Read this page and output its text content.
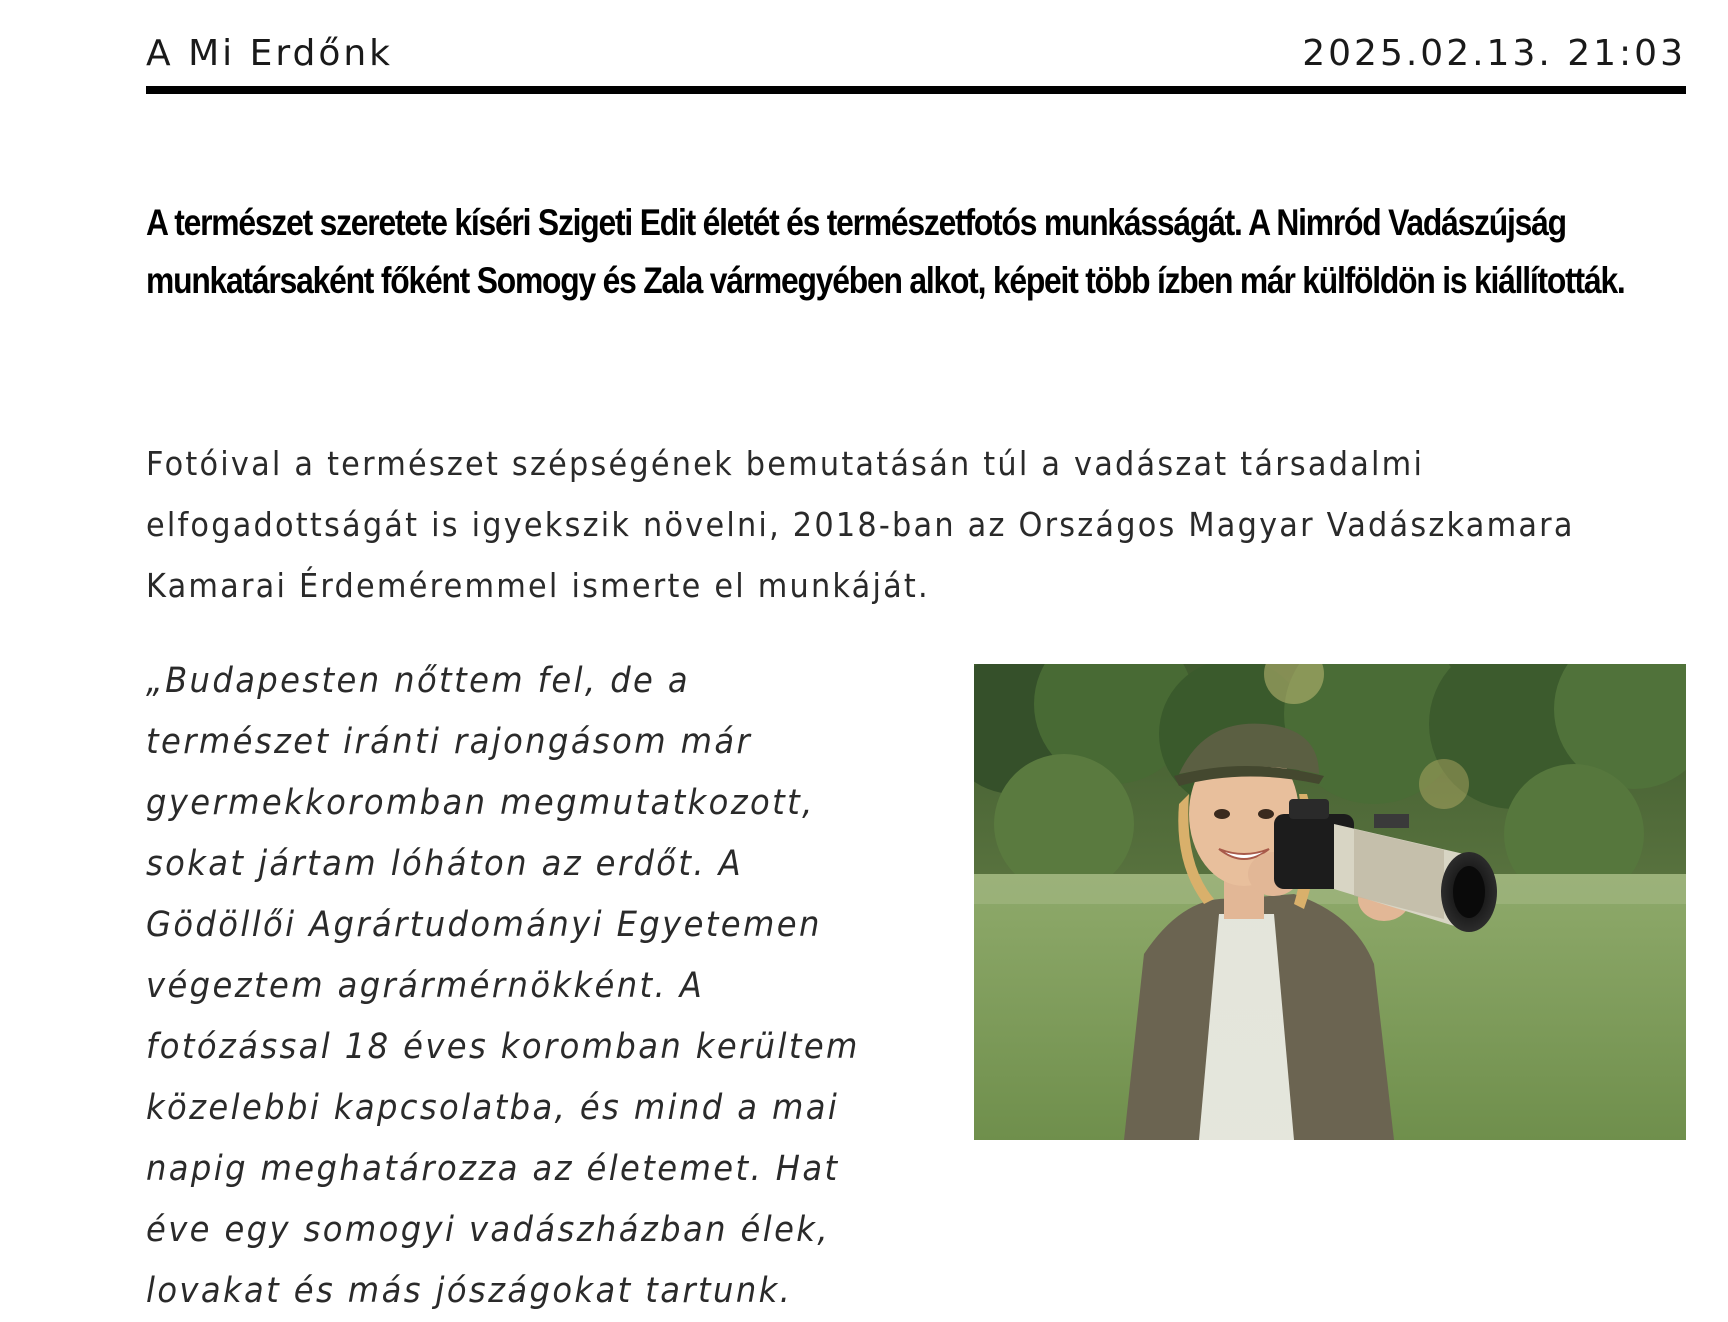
A Mi Erdőnk	2025.02.13. 21:03
A természet szeretete kíséri Szigeti Edit életét és természetfotós munkásságát. A Nimród Vadászújság munkatársaként főként Somogy és Zala vármegyében alkot, képeit több ízben már külföldön is kiállították.
Fotóival a természet szépségének bemutatásán túl a vadászat társadalmi elfogadottságát is igyekszik növelni, 2018-ban az Országos Magyar Vadászkamara Kamarai Érdeméremmel ismerte el munkáját.
„Budapesten nőttem fel, de a természet iránti rajongásom már gyermekkoromban megmutatkozott, sokat jártam lóháton az erdőt. A Gödöllői Agrártudományi Egyetemen végeztem agrármérnökként. A fotózással 18 éves koromban kerültem közelebbi kapcsolatba, és mind a mai napig meghatározza az életemet. Hat éve egy somogyi vadászházban élek, lovakat és más jószágokat tartunk.
